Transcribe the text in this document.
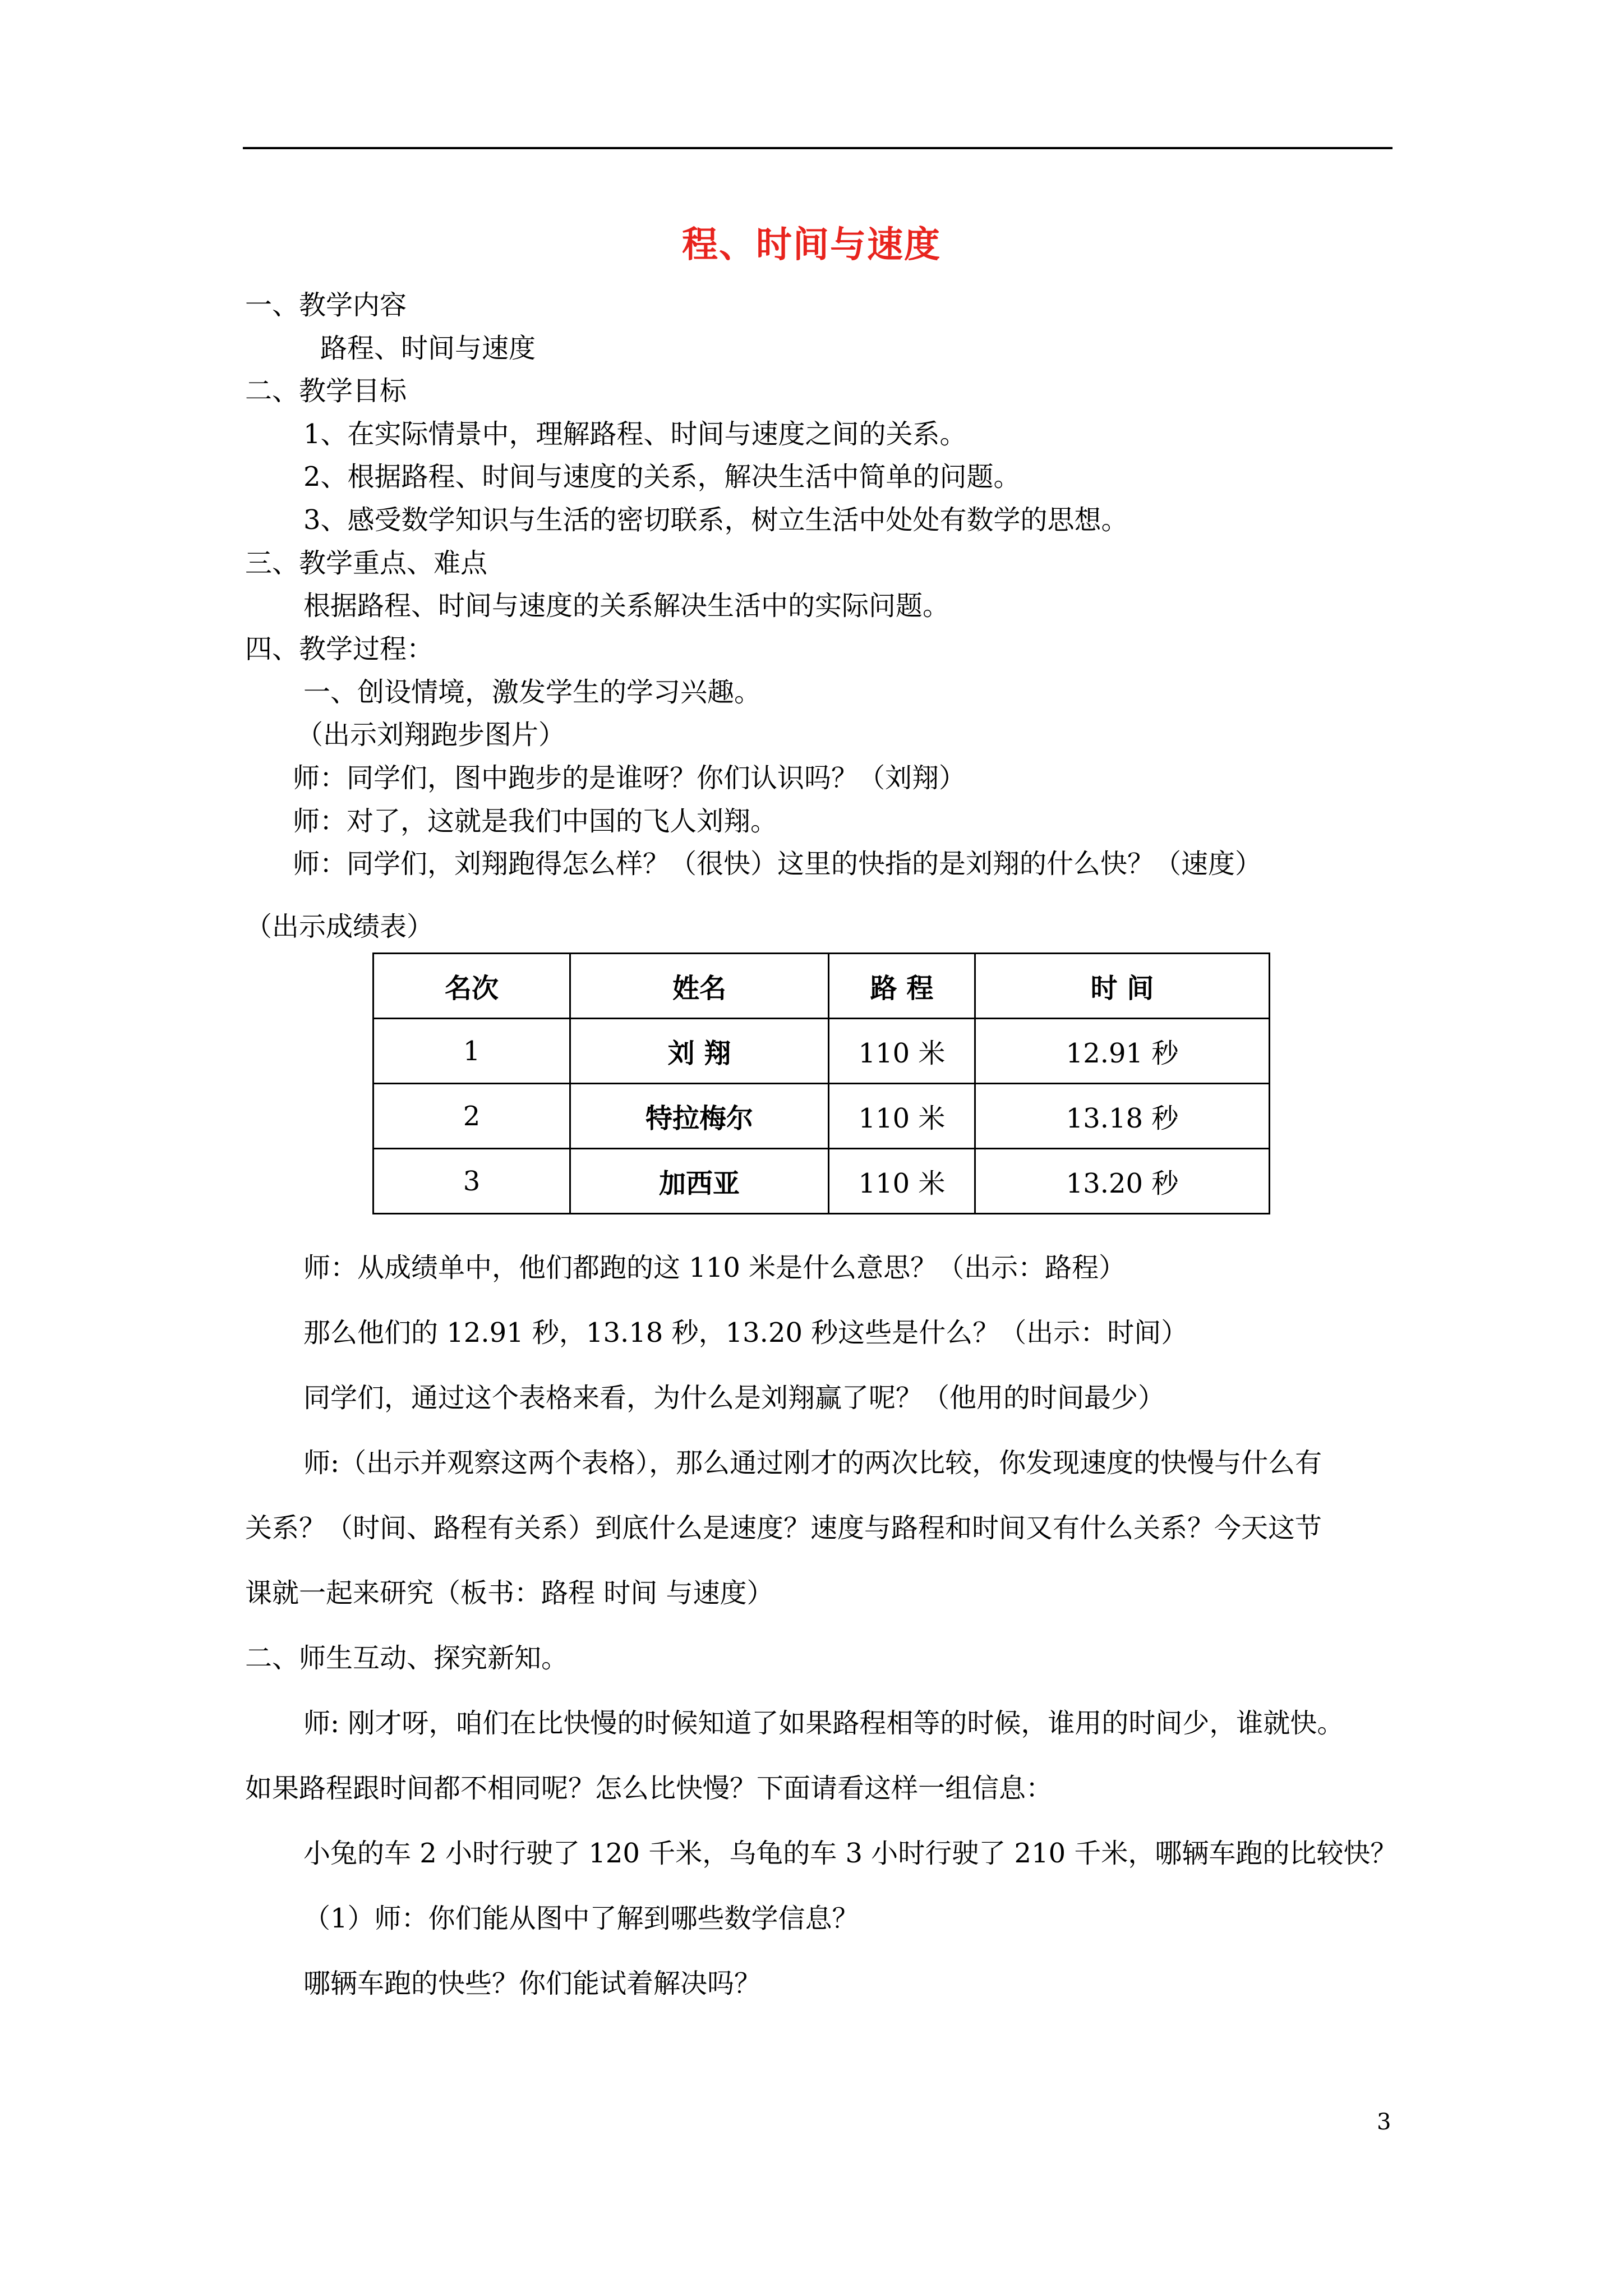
程、时间与速度
一、教学内容
路程、时间与速度
二、教学目标
1、在实际情景中，理解路程、时间与速度之间的关系。
2、根据路程、时间与速度的关系，解决生活中简单的问题。
3、感受数学知识与生活的密切联系，树立生活中处处有数学的思想。
三、教学重点、难点
根据路程、时间与速度的关系解决生活中的实际问题。
四、教学过程：
一、创设情境，激发学生的学习兴趣。
（出示刘翔跑步图片）
师：同学们，图中跑步的是谁呀？你们认识吗？（刘翔）
师：对了，这就是我们中国的飞人刘翔。
师：同学们，刘翔跑得怎么样？（很快）这里的快指的是刘翔的什么快？（速度）
（出示成绩表）
名次	姓名	路 程	时 间
1	刘 翔	110 米	12.91 秒
2	特拉梅尔	110 米	13.18 秒
3	加西亚	110 米	13.20 秒
师：从成绩单中，他们都跑的这 110 米是什么意思？（出示：路程）
那么他们的 12.91 秒，13.18 秒，13.20 秒这些是什么？（出示：时间）
同学们，通过这个表格来看，为什么是刘翔赢了呢？（他用的时间最少）
师:（出示并观察这两个表格），那么通过刚才的两次比较，你发现速度的快慢与什么有
关系？（时间、路程有关系）到底什么是速度？速度与路程和时间又有什么关系？今天这节
课就一起来研究（板书：路程 时间 与速度）
二、师生互动、探究新知。
师: 刚才呀，咱们在比快慢的时候知道了如果路程相等的时候，谁用的时间少，谁就快。
如果路程跟时间都不相同呢？怎么比快慢？下面请看这样一组信息：
小兔的车 2 小时行驶了 120 千米，乌龟的车 3 小时行驶了 210 千米，哪辆车跑的比较快？
（1）师：你们能从图中了解到哪些数学信息？
哪辆车跑的快些？你们能试着解决吗？
3
